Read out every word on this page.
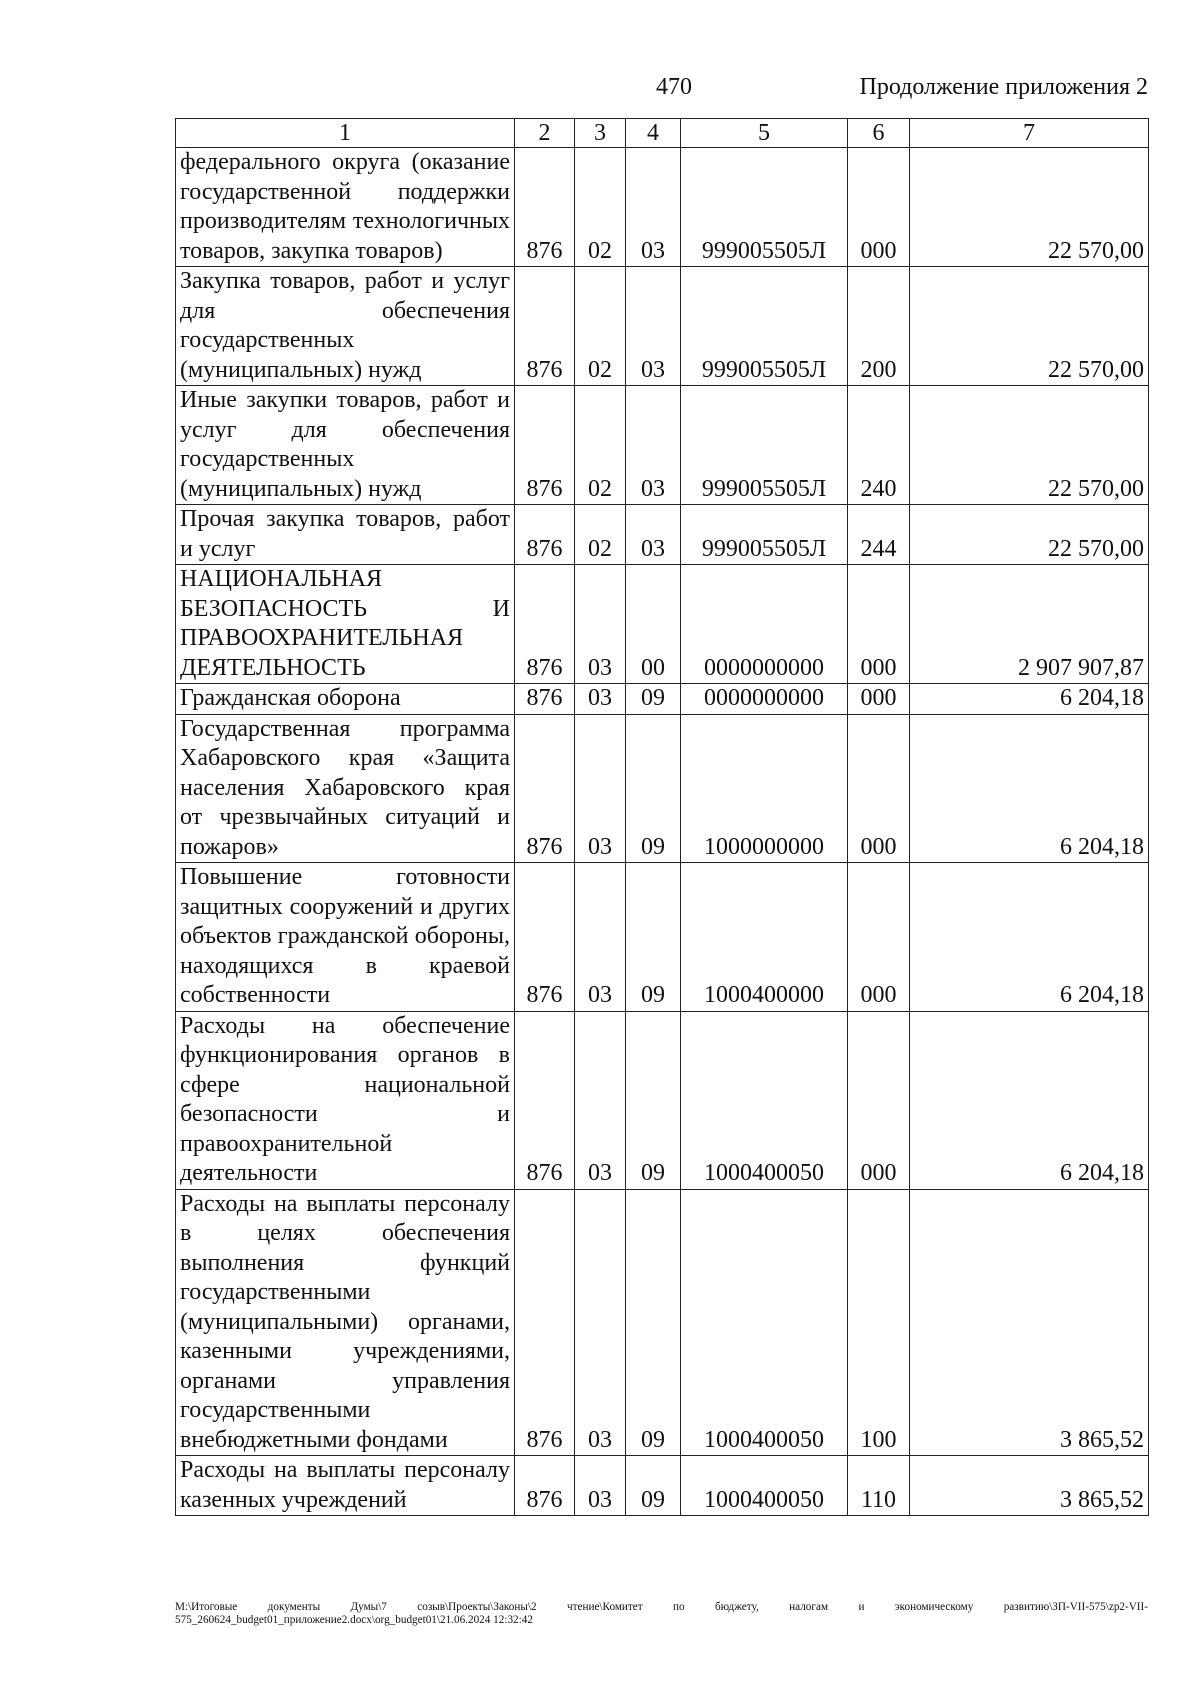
470	Продолжение приложения 2
1	2	3	4	5	6	7
федерального округа (оказание государственной поддержки производителям технологичных товаров, закупка товаров)	876	02	03	999005505Л	000	22 570,00
Закупка товаров, работ и услуг для обеспечения государственных (муниципальных) нужд	876	02	03	999005505Л	200	22 570,00
Иные закупки товаров, работ и услуг для обеспечения государственных (муниципальных) нужд	876	02	03	999005505Л	240	22 570,00
Прочая закупка товаров, работ и услуг	876	02	03	999005505Л	244	22 570,00
НАЦИОНАЛЬНАЯ БЕЗОПАСНОСТЬ И ПРАВООХРАНИТЕЛЬНАЯ ДЕЯТЕЛЬНОСТЬ	876	03	00	0000000000	000	2 907 907,87
Гражданская оборона	876	03	09	0000000000	000	6 204,18
Государственная программа Хабаровского края «Защита населения Хабаровского края от чрезвычайных ситуаций и пожаров»	876	03	09	1000000000	000	6 204,18
Повышение готовности защитных сооружений и других объектов гражданской обороны, находящихся в краевой собственности	876	03	09	1000400000	000	6 204,18
Расходы на обеспечение функционирования органов в сфере национальной безопасности и правоохранительной деятельности	876	03	09	1000400050	000	6 204,18
Расходы на выплаты персоналу в целях обеспечения выполнения функций государственными (муниципальными) органами, казенными учреждениями, органами управления государственными внебюджетными фондами	876	03	09	1000400050	100	3 865,52
Расходы на выплаты персоналу казенных учреждений	876	03	09	1000400050	110	3 865,52
М:\Итоговые документы Думы\7 созыв\Проекты\Законы\2 чтение\Комитет по бюджету, налогам и экономическому развитию\ЗП-VII-575\zp2-VII-575_260624_budget01_приложение2.docx\org_budget01\21.06.2024 12:32:42
